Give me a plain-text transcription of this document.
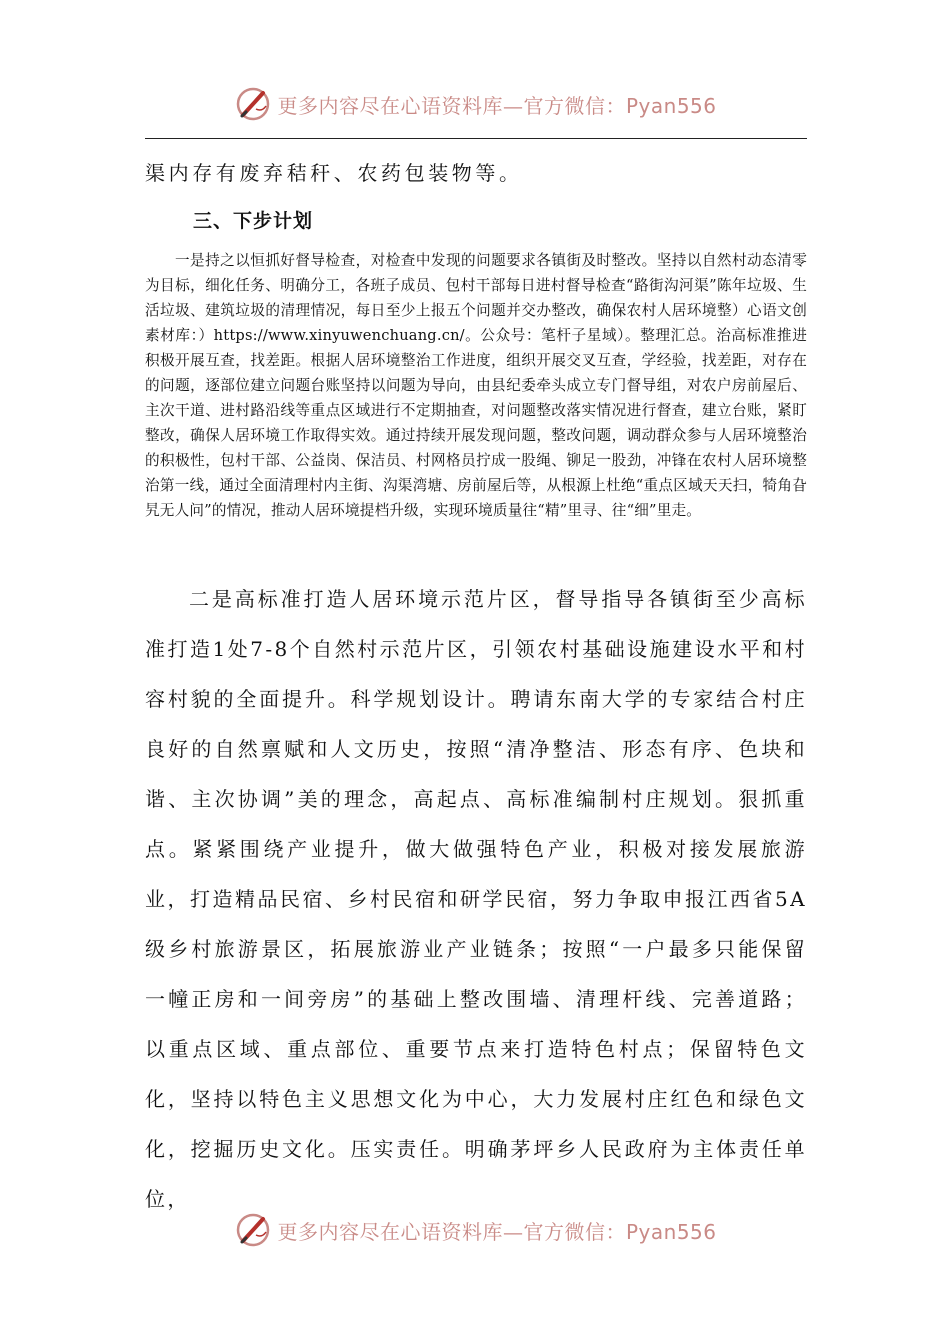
更多内容尽在心语资料库—官方微信：Pyan556
渠内存有废弃秸秆、农药包装物等。
三、下步计划

一是持之以恒抓好督导检查，对检查中发现的问题要求各镇街及时整改。坚持以自然村动态清零为目标，细化任务、明确分工，各班子成员、包村干部每日进村督导检查“路街沟河渠”陈年垃圾、生活垃圾、建筑垃圾的清理情况，每日至少上报五个问题并交办整改，确保农村人居环境整）心语文创素材库：）https://www.xinyuwenchuang.cn/。公众号：笔杆子星域）。整理汇总。治高标准推进积极开展互查，找差距。根据人居环境整治工作进度，组织开展交叉互查，学经验，找差距，对存在的问题，逐部位建立问题台账坚持以问题为导向，由县纪委牵头成立专门督导组，对农户房前屋后、主次干道、进村路沿线等重点区域进行不定期抽查，对问题整改落实情况进行督查，建立台账，紧盯整改，确保人居环境工作取得实效。通过持续开展发现问题，整改问题，调动群众参与人居环境整治的积极性，包村干部、公益岗、保洁员、村网格员拧成一股绳、铆足一股劲，冲锋在农村人居环境整治第一线，通过全面清理村内主街、沟渠湾塘、房前屋后等，从根源上杜绝“重点区域天天扫，犄角旮旯无人问”的情况，推动人居环境提档升级，实现环境质量往“精”里寻、往“细”里走。

二是高标准打造人居环境示范片区，督导指导各镇街至少高标准打造1处7-8个自然村示范片区，引领农村基础设施建设水平和村容村貌的全面提升。科学规划设计。聘请东南大学的专家结合村庄良好的自然禀赋和人文历史，按照“清净整洁、形态有序、色块和谐、主次协调”美的理念，高起点、高标准编制村庄规划。狠抓重点。紧紧围绕产业提升，做大做强特色产业，积极对接发展旅游业，打造精品民宿、乡村民宿和研学民宿，努力争取申报江西省5A级乡村旅游景区，拓展旅游业产业链条；按照“一户最多只能保留一幢正房和一间旁房”的基础上整改围墙、清理杆线、完善道路；以重点区域、重点部位、重要节点来打造特色村点；保留特色文化，坚持以特色主义思想文化为中心，大力发展村庄红色和绿色文化，挖掘历史文化。压实责任。明确茅坪乡人民政府为主体责任单位，

更多内容尽在心语资料库—官方微信：Pyan556
